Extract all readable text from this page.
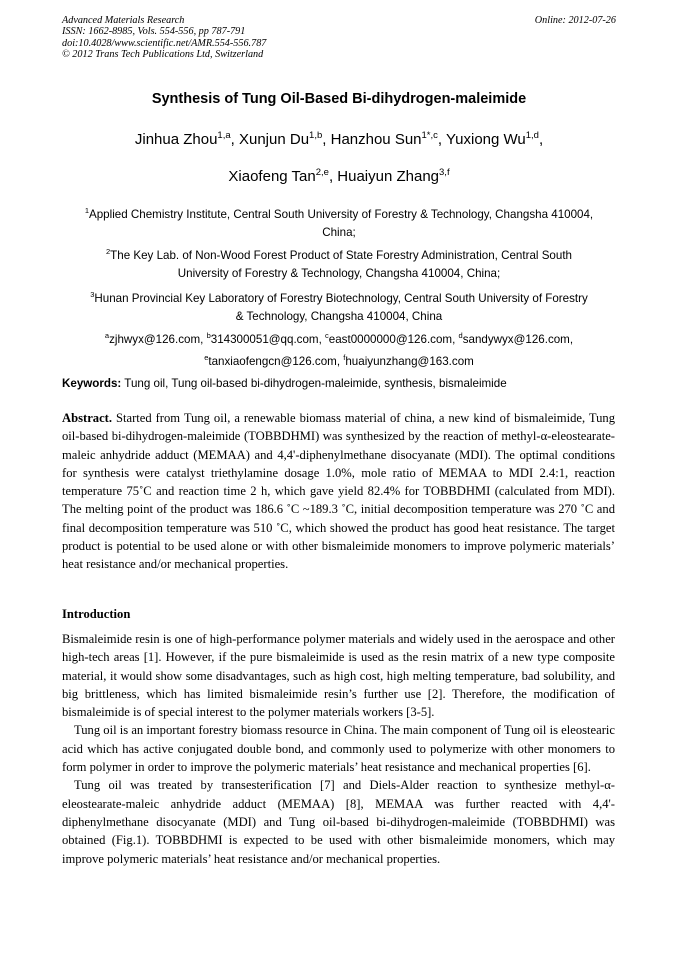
Advanced Materials Research
ISSN: 1662-8985, Vols. 554-556, pp 787-791
doi:10.4028/www.scientific.net/AMR.554-556.787
© 2012 Trans Tech Publications Ltd, Switzerland
Online: 2012-07-26
Synthesis of Tung Oil-Based Bi-dihydrogen-maleimide
Jinhua Zhou$^{1,a}$, Xunjun Du$^{1,b}$, Hanzhou Sun$^{1*,c}$, Yuxiong Wu$^{1,d}$,
Xiaofeng Tan$^{2,e}$, Huaiyun Zhang$^{3,f}$
$^1$Applied Chemistry Institute, Central South University of Forestry & Technology, Changsha 410004,
China;
$^2$The Key Lab. of Non-Wood Forest Product of State Forestry Administration, Central South
University of Forestry & Technology, Changsha 410004, China;
$^3$Hunan Provincial Key Laboratory of Forestry Biotechnology, Central South University of Forestry
& Technology, Changsha 410004, China
$^a$zjhwyx@126.com, $^b$314300051@qq.com, $^c$east0000000@126.com, $^d$sandywyx@126.com,
$^e$tanxiaofengcn@126.com, $^f$huaiyunzhang@163.com
Keywords: Tung oil, Tung oil-based bi-dihydrogen-maleimide, synthesis, bismaleimide
Abstract. Started from Tung oil, a renewable biomass material of china, a new kind of bismaleimide, Tung oil-based bi-dihydrogen-maleimide (TOBBDHMI) was synthesized by the reaction of methyl-α-eleostearate-maleic anhydride adduct (MEMAA) and 4,4'-diphenylmethane disocyanate (MDI). The optimal conditions for synthesis were catalyst triethylamine dosage 1.0%, mole ratio of MEMAA to MDI 2.4:1, reaction temperature 75˚C and reaction time 2 h, which gave yield 82.4% for TOBBDHMI (calculated from MDI). The melting point of the product was 186.6 ˚C ~189.3 ˚C, initial decomposition temperature was 270 ˚C and final decomposition temperature was 510 ˚C, which showed the product has good heat resistance. The target product is potential to be used alone or with other bismaleimide monomers to improve polymeric materials’ heat resistance and/or mechanical properties.
Introduction

Bismaleimide resin is one of high-performance polymer materials and widely used in the aerospace and other high-tech areas [1]. However, if the pure bismaleimide is used as the resin matrix of a new type composite material, it would show some disadvantages, such as high cost, high melting temperature, bad solubility, and big brittleness, which has limited bismaleimide resin’s further use [2]. Therefore, the modification of bismaleimide is of special interest to the polymer materials workers [3-5].

Tung oil is an important forestry biomass resource in China. The main component of Tung oil is eleostearic acid which has active conjugated double bond, and commonly used to polymerize with other monomers to form polymer in order to improve the polymeric materials’ heat resistance and mechanical properties [6].

Tung oil was treated by transesterification [7] and Diels-Alder reaction to synthesize methyl-α-eleostearate-maleic anhydride adduct (MEMAA) [8], MEMAA was further reacted with 4,4'-diphenylmethane disocyanate (MDI) and Tung oil-based bi-dihydrogen-maleimide (TOBBDHMI) was obtained (Fig.1). TOBBDHMI is expected to be used with other bismaleimide monomers, which may improve polymeric materials’ heat resistance and/or mechanical properties.
